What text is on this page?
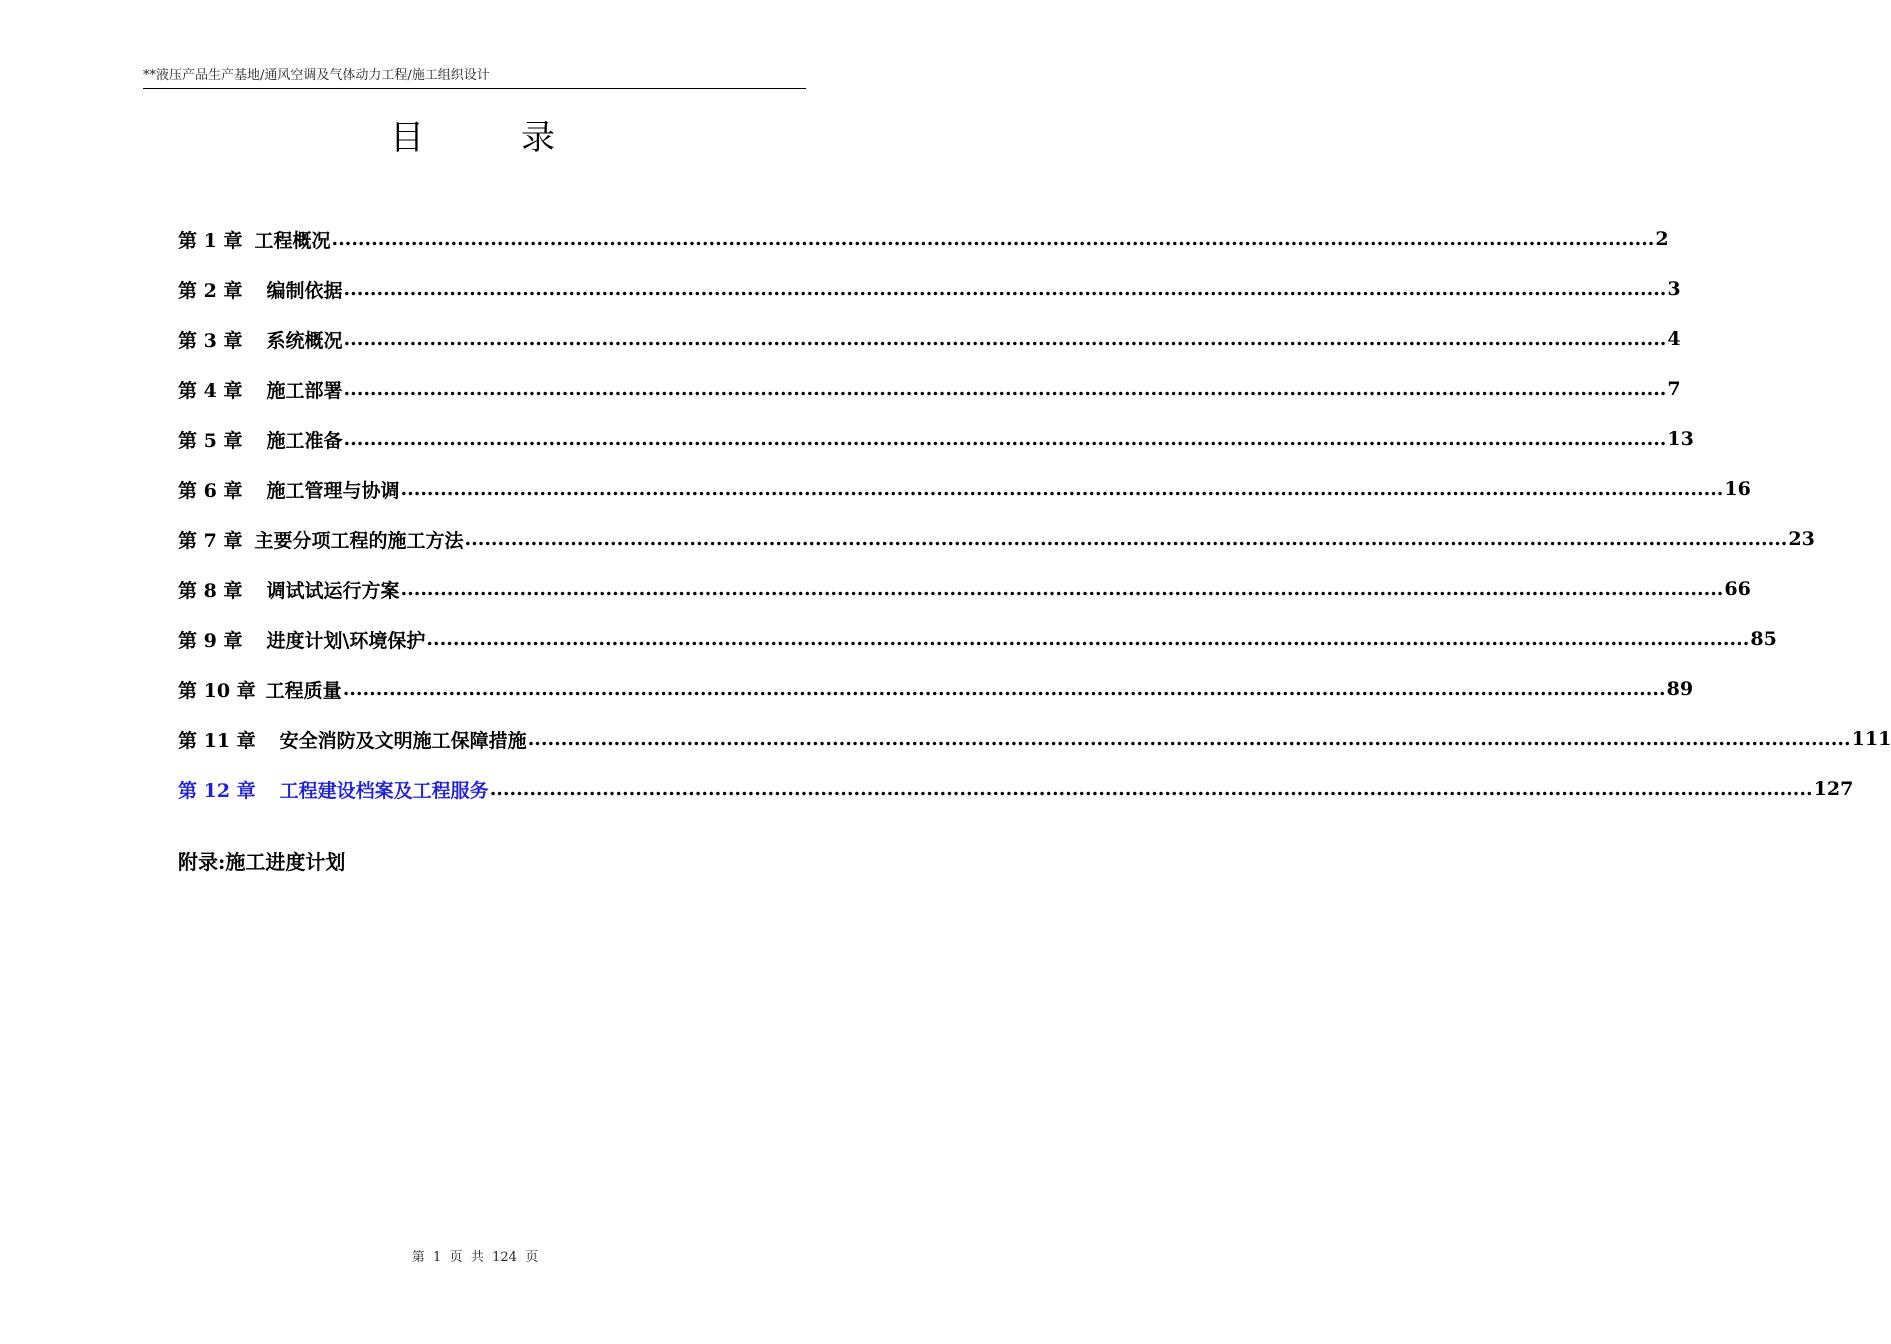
**液压产品生产基地/通风空调及气体动力工程/施工组织设计
目	录
第 1 章 工程概况 ........................................................................................................................................................................................................ 2
第 2 章 编制依据 ........................................................................................................................................................................................................ 3
第 3 章 系统概况 ........................................................................................................................................................................................................ 4
第 4 章 施工部署 ........................................................................................................................................................................................................ 7
第 5 章 施工准备 ........................................................................................................................................................................................................ 13
第 6 章 施工管理与协调 ........................................................................................................................................................................................................ 16
第 7 章 主要分项工程的施工方法 ........................................................................................................................................................................................................ 23
第 8 章 调试试运行方案 ........................................................................................................................................................................................................ 66
第 9 章 进度计划\环境保护 ........................................................................................................................................................................................................ 85
第 10 章 工程质量 ........................................................................................................................................................................................................ 89
第 11 章 安全消防及文明施工保障措施 ........................................................................................................................................................................................................ 111
第 12 章 工程建设档案及工程服务 ........................................................................................................................................................................................................ 127
附录:施工进度计划
第  1  页  共  124  页
